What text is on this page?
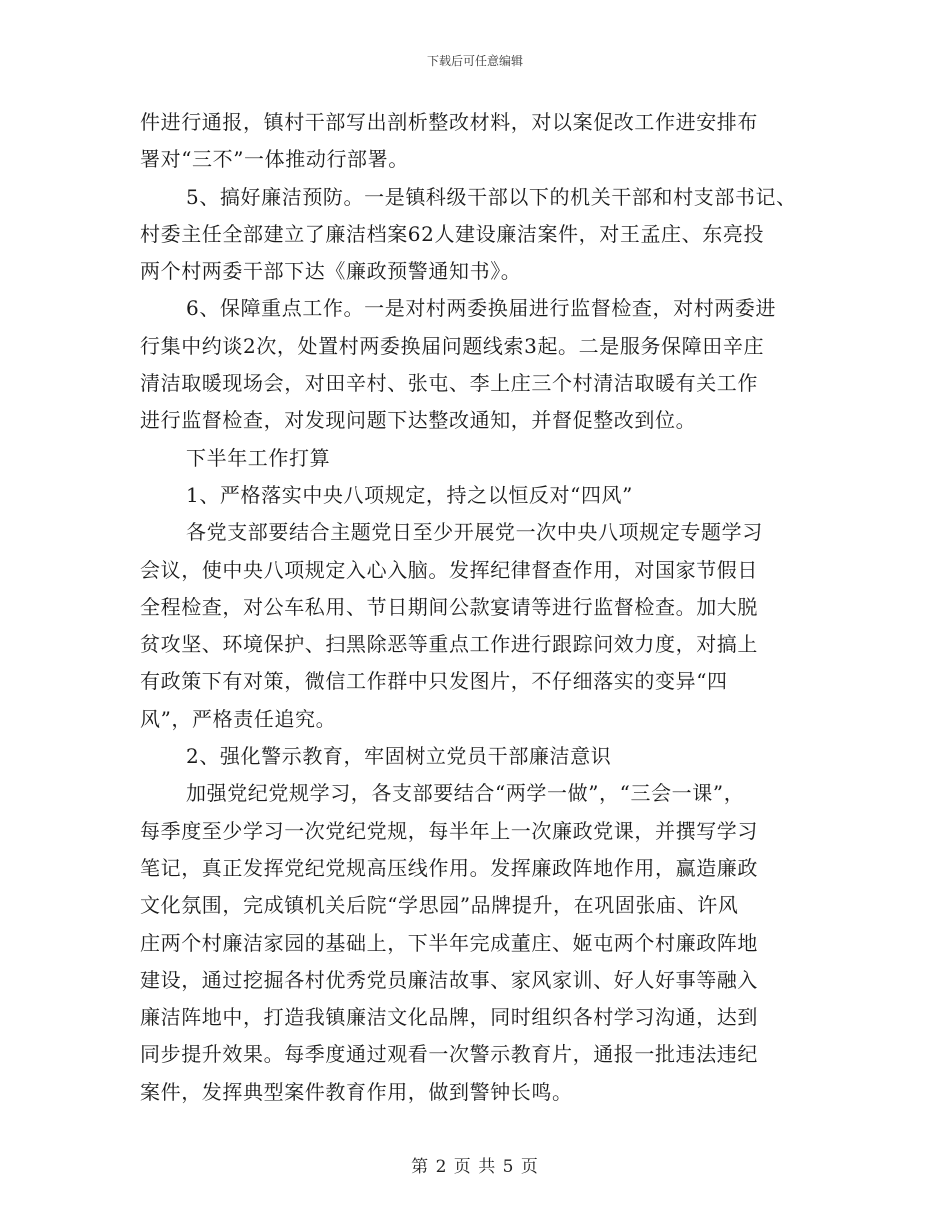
下载后可任意编辑
件进行通报，镇村干部写出剖析整改材料，对以案促改工作进安排布
署对“三不”一体推动行部署。
5、搞好廉洁预防。一是镇科级干部以下的机关干部和村支部书记、
村委主任全部建立了廉洁档案62人建设廉洁案件，对王孟庄、东亮投
两个村两委干部下达《廉政预警通知书》。
6、保障重点工作。一是对村两委换届进行监督检查，对村两委进
行集中约谈2次，处置村两委换届问题线索3起。二是服务保障田辛庄
清洁取暖现场会，对田辛村、张屯、李上庄三个村清洁取暖有关工作
进行监督检查，对发现问题下达整改通知，并督促整改到位。
下半年工作打算
1、严格落实中央八项规定，持之以恒反对“四风”
各党支部要结合主题党日至少开展党一次中央八项规定专题学习
会议，使中央八项规定入心入脑。发挥纪律督查作用，对国家节假日
全程检查，对公车私用、节日期间公款宴请等进行监督检查。加大脱
贫攻坚、环境保护、扫黑除恶等重点工作进行跟踪问效力度，对搞上
有政策下有对策，微信工作群中只发图片，不仔细落实的变异“四
风”，严格责任追究。
2、强化警示教育，牢固树立党员干部廉洁意识
加强党纪党规学习，各支部要结合“两学一做”，“三会一课”，
每季度至少学习一次党纪党规，每半年上一次廉政党课，并撰写学习
笔记，真正发挥党纪党规高压线作用。发挥廉政阵地作用，赢造廉政
文化氛围，完成镇机关后院“学思园”品牌提升，在巩固张庙、许风
庄两个村廉洁家园的基础上，下半年完成董庄、姬屯两个村廉政阵地
建设，通过挖掘各村优秀党员廉洁故事、家风家训、好人好事等融入
廉洁阵地中，打造我镇廉洁文化品牌，同时组织各村学习沟通，达到
同步提升效果。每季度通过观看一次警示教育片，通报一批违法违纪
案件，发挥典型案件教育作用，做到警钟长鸣。
第 2 页 共 5 页
